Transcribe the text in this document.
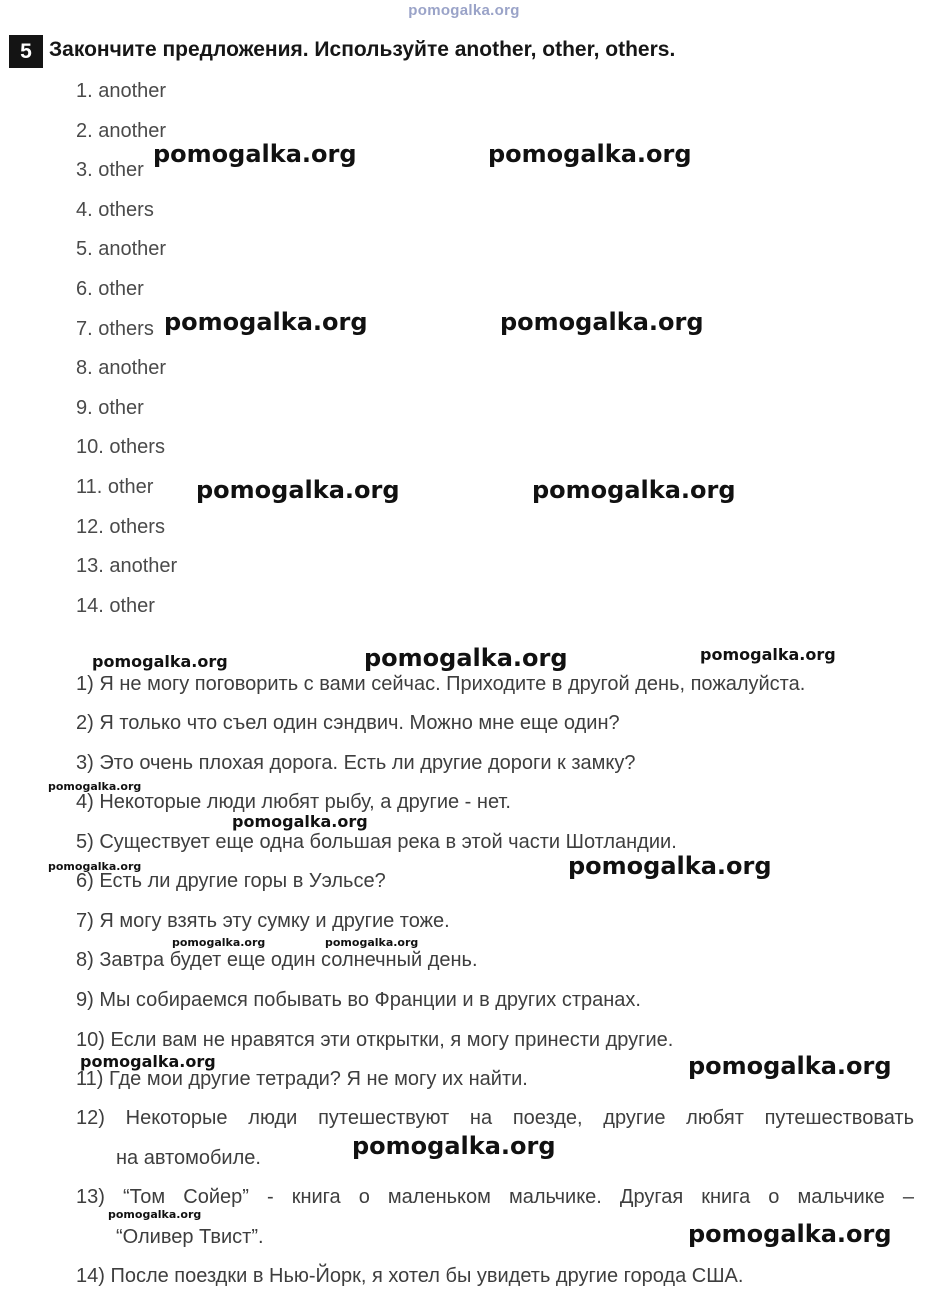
pomogalka.org
5 Закончите предложения. Используйте another, other, others.
1. another
2. another
3. other
4. others
5. another
6. other
7. others
8. another
9. other
10. others
11. other
12. others
13. another
14. other
1) Я не могу поговорить с вами сейчас. Приходите в другой день, пожалуйста.
2) Я только что съел один сэндвич. Можно мне еще один?
3) Это очень плохая дорога. Есть ли другие дороги к замку?
4) Некоторые люди любят рыбу, а другие - нет.
5) Существует еще одна большая река в этой части Шотландии.
6) Есть ли другие горы в Уэльсе?
7) Я могу взять эту сумку и другие тоже.
8) Завтра будет еще один солнечный день.
9) Мы собираемся побывать во Франции и в других странах.
10) Если вам не нравятся эти открытки, я могу принести другие.
11) Где мои другие тетради? Я не могу их найти.
12) Некоторые люди путешествуют на поезде, другие любят путешествовать
на автомобиле.
13) “Том Сойер” - книга о маленьком мальчике. Другая книга о мальчике –
“Оливер Твист”.
14) После поездки в Нью-Йорк, я хотел бы увидеть другие города США.
pomogalka.org	pomogalka.org
pomogalka.org	pomogalka.org
pomogalka.org	pomogalka.org
pomogalka.org	pomogalka.org	pomogalka.org
pomogalka.org
pomogalka.org
pomogalka.org	pomogalka.org
pomogalka.org	pomogalka.org
pomogalka.org	pomogalka.org
pomogalka.org
pomogalka.org
pomogalka.org
